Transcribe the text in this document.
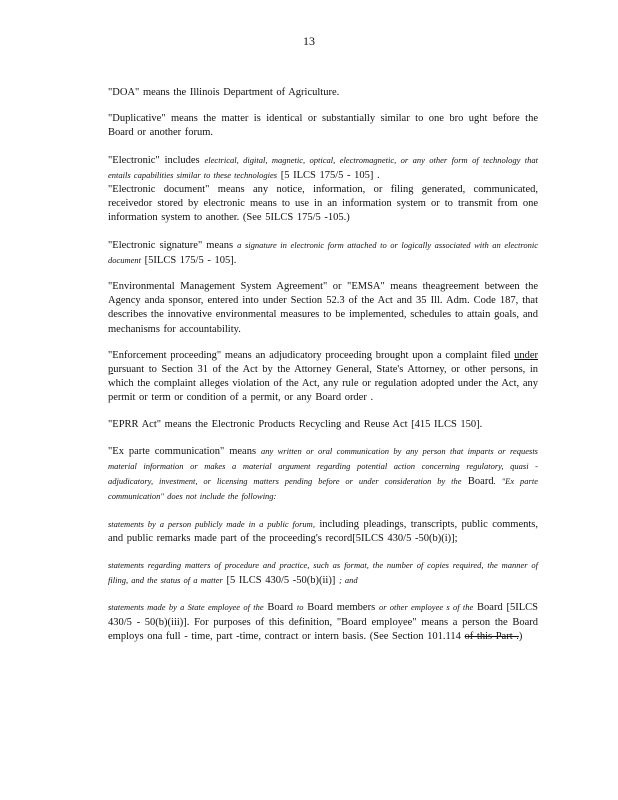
13

"DOA" means the Illinois Department of Agriculture.

"Duplicative" means the matter is identical or substantially similar to one bro ught before the Board or another forum.

"Electronic" includes electrical, digital, magnetic, optical, electromagnetic, or any other form of technology that entails capabilities similar to these technologies [5 ILCS 175/5 - 105] .

"Electronic document" means any notice, information, or filing generated, communicated, receivedor stored by electronic means to use in an information system or to transmit from one information system to another. (See 5ILCS 175/5 -105.)

"Electronic signature" means a signature in electronic form attached to or logically associated with an electronic document [5ILCS 175/5 - 105].

"Environmental Management System Agreement" or "EMSA" means theagreement between the Agency anda sponsor, entered into under Section 52.3 of the Act and 35 Ill. Adm. Code 187, that describes the innovative environmental measures to be implemented, schedules to attain goals, and mechanisms for accountability.

"Enforcement proceeding" means an adjudicatory proceeding brought upon a complaint filed under pursuant to Section 31 of the Act by the Attorney General, State's Attorney, or other persons, in which the complaint alleges violation of the Act, any rule or regulation adopted under the Act, any permit or term or condition of a permit, or any Board order .

"EPRR Act" means the Electronic Products Recycling and Reuse Act [415 ILCS 150].

"Ex parte communication" means any written or oral communication by any person that imparts or requests material information or makes a material argument regarding potential action concerning regulatory, quasi -adjudicatory, investment, or licensing matters pending before or under consideration by the Board. "Ex parte communication" does not include the following:

statements by a person publicly made in a public forum, including pleadings, transcripts, public comments, and public remarks made part of the proceeding's record[5ILCS 430/5 -50(b)(i)];

statements regarding matters of procedure and practice, such as format, the number of copies required, the manner of filing, and the status of a matter [5 ILCS 430/5 -50(b)(ii)] ; and

statements made by a State employee of the Board to Board members or other employee s of the Board [5ILCS 430/5 - 50(b)(iii)]. For purposes of this definition, "Board employee" means a person the Board employs ona full - time, part -time, contract or intern basis. (See Section 101.114 of this Part .)
